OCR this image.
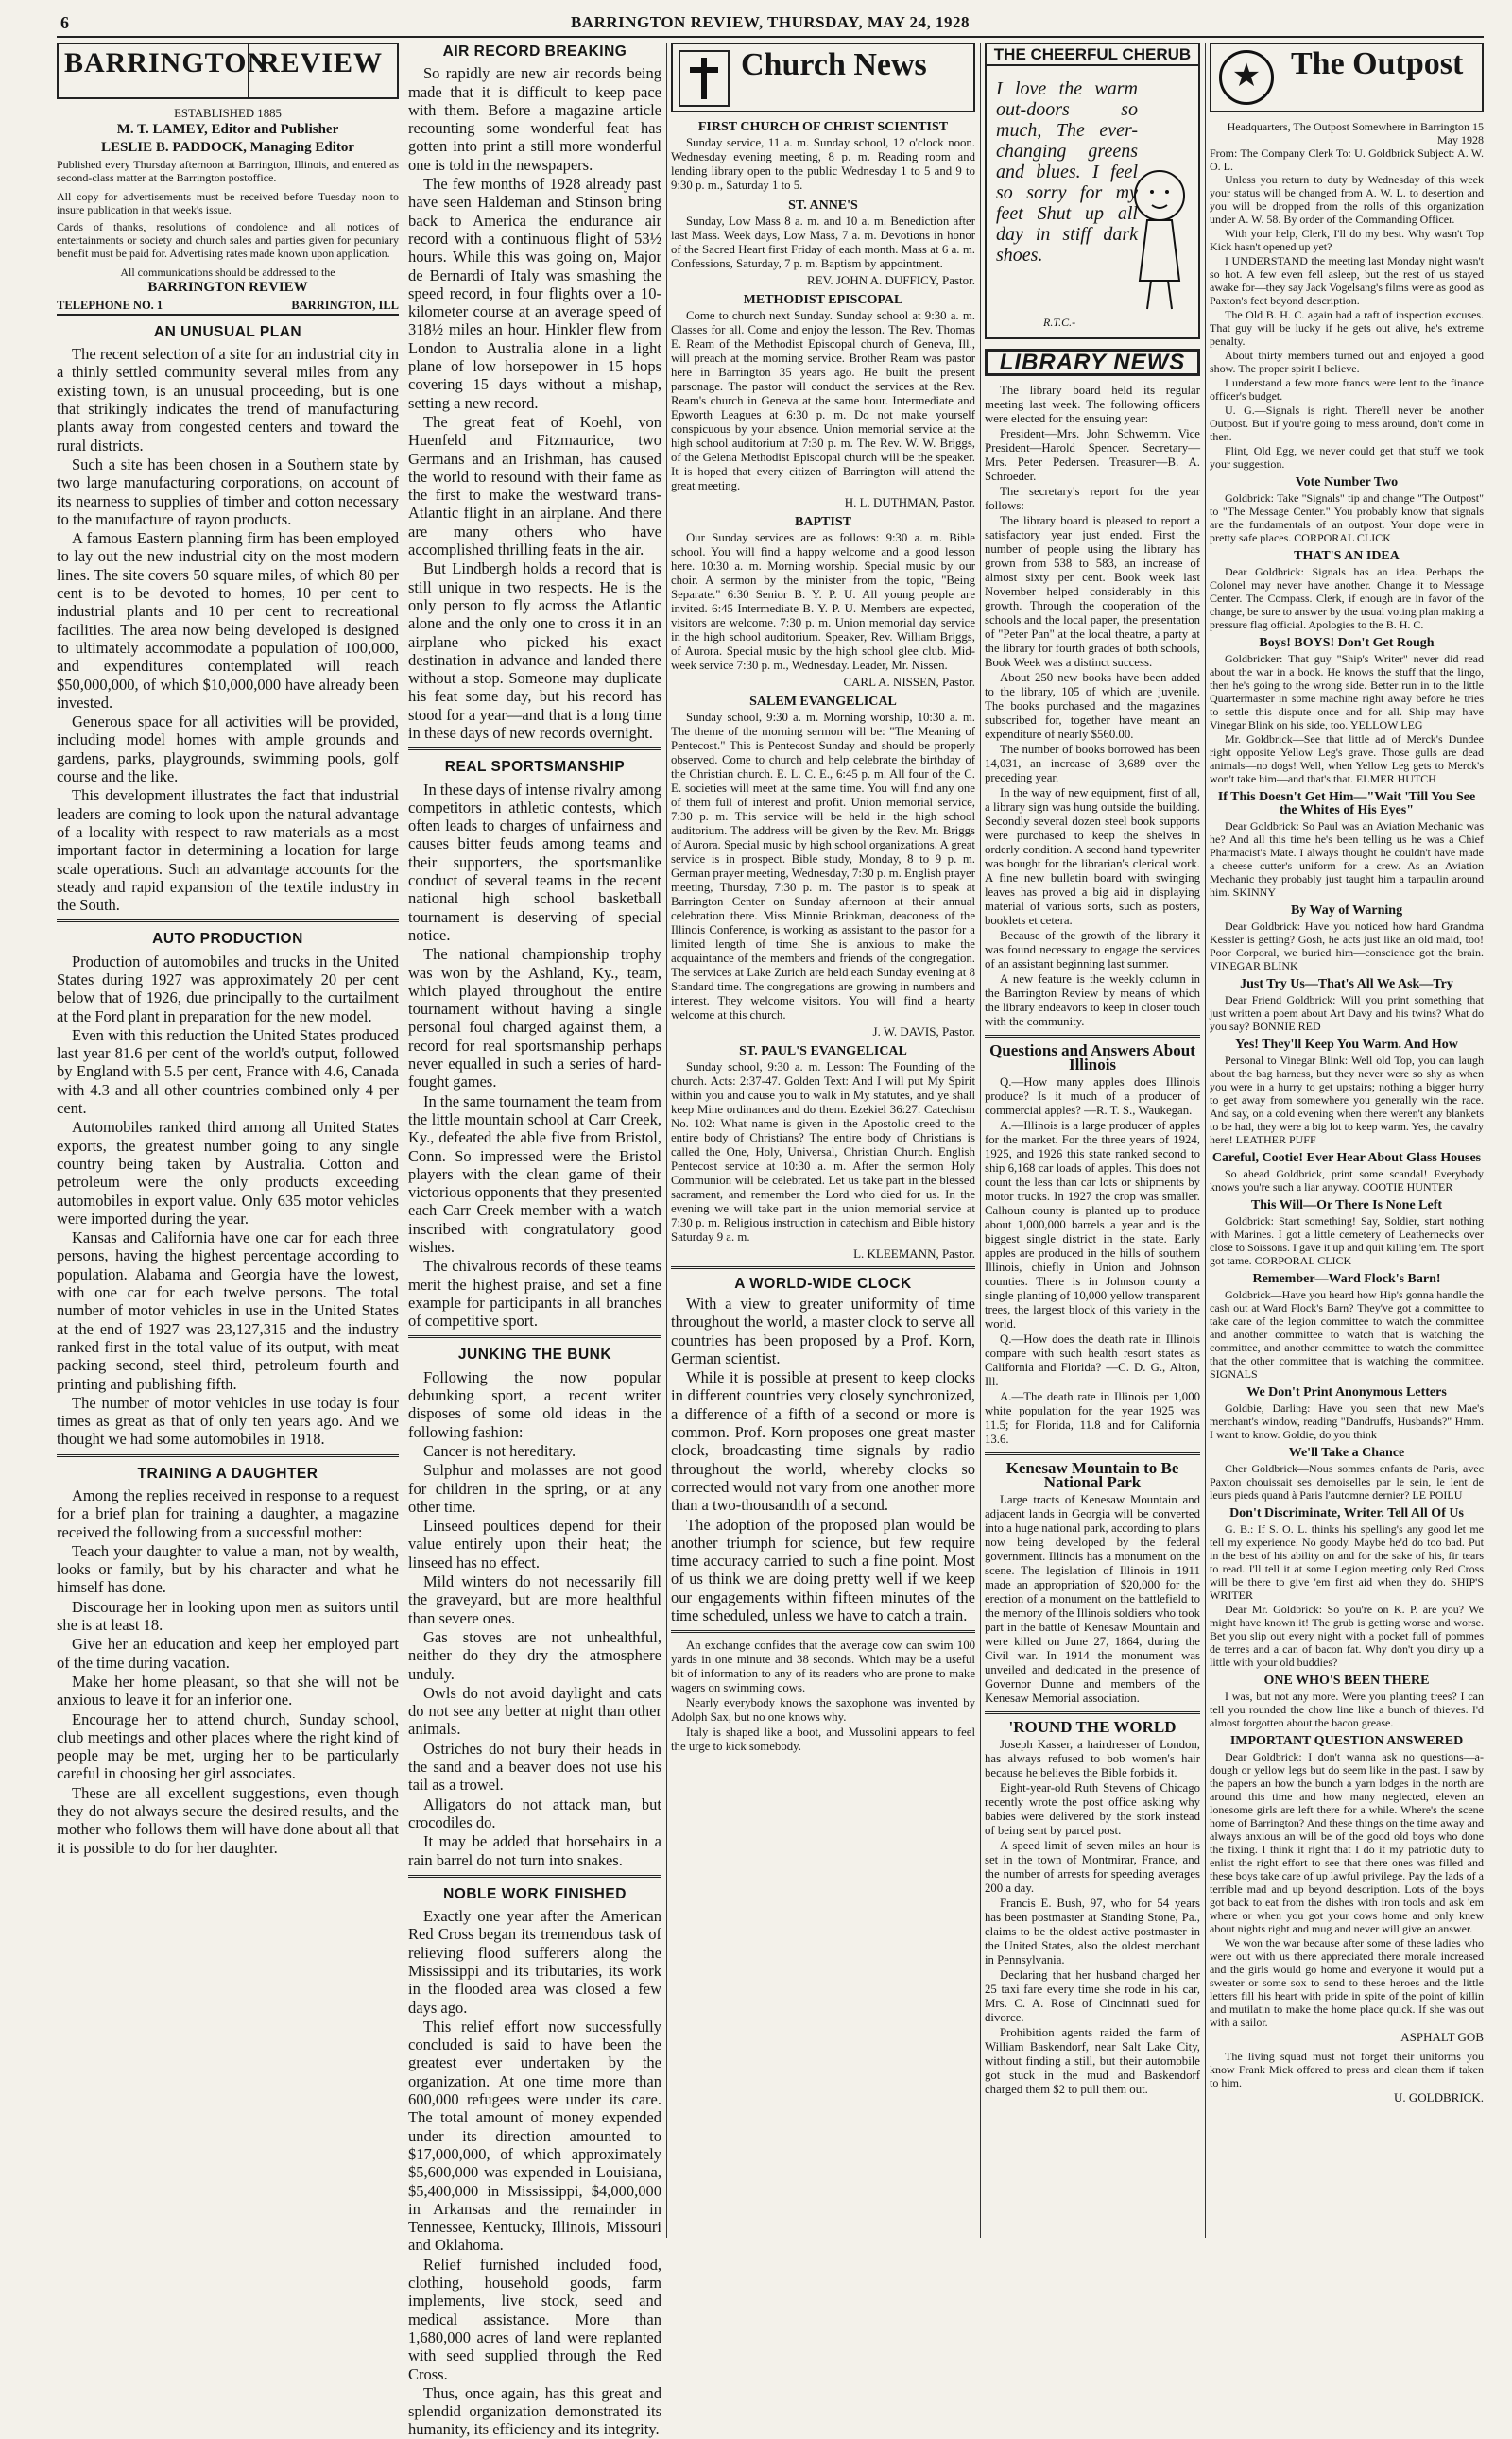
6	BARRINGTON REVIEW, THURSDAY, MAY 24, 1928
BARRINGTON
REVIEW
ESTABLISHED 1885
M. T. LAMEY, Editor and Publisher
LESLIE B. PADDOCK, Managing Editor
Published every Thursday afternoon at Barrington, Illinois, and entered as second-class matter at the Barrington postoffice.
All copy for advertisements must be received before Tuesday noon to insure publication in that week's issue.
Cards of thanks, resolutions of condolence and all notices of entertainments or society and church sales and parties given for pecuniary benefit must be paid for. Advertising rates made known upon application.
All communications should be addressed to the
BARRINGTON REVIEW
TELEPHONE NO. 1	BARRINGTON, ILL
AN UNUSUAL PLAN

The recent selection of a site for an industrial city in a thinly settled community several miles from any existing town, is an unusual proceeding, but is one that strikingly indicates the trend of manufacturing plants away from congested centers and toward the rural districts.

Such a site has been chosen in a Southern state by two large manufacturing corporations, on account of its nearness to supplies of timber and cotton necessary to the manufacture of rayon products.

A famous Eastern planning firm has been employed to lay out the new industrial city on the most modern lines. The site covers 50 square miles, of which 80 per cent is to be devoted to homes, 10 per cent to industrial plants and 10 per cent to recreational facilities. The area now being developed is designed to ultimately accommodate a population of 100,000, and expenditures contemplated will reach $50,000,000, of which $10,000,000 have already been invested.

Generous space for all activities will be provided, including model homes with ample grounds and gardens, parks, playgrounds, swimming pools, golf course and the like.

This development illustrates the fact that industrial leaders are coming to look upon the natural advantage of a locality with respect to raw materials as a most important factor in determining a location for large scale operations. Such an advantage accounts for the steady and rapid expansion of the textile industry in the South.

AUTO PRODUCTION

Production of automobiles and trucks in the United States during 1927 was approximately 20 per cent below that of 1926, due principally to the curtailment at the Ford plant in preparation for the new model.

Even with this reduction the United States produced last year 81.6 per cent of the world's output, followed by England with 5.5 per cent, France with 4.6, Canada with 4.3 and all other countries combined only 4 per cent.

Automobiles ranked third among all United States exports, the greatest number going to any single country being taken by Australia. Cotton and petroleum were the only products exceeding automobiles in export value. Only 635 motor vehicles were imported during the year.

Kansas and California have one car for each three persons, having the highest percentage according to population. Alabama and Georgia have the lowest, with one car for each twelve persons. The total number of motor vehicles in use in the United States at the end of 1927 was 23,127,315 and the industry ranked first in the total value of its output, with meat packing second, steel third, petroleum fourth and printing and publishing fifth.

The number of motor vehicles in use today is four times as great as that of only ten years ago. And we thought we had some automobiles in 1918.

TRAINING A DAUGHTER

Among the replies received in response to a request for a brief plan for training a daughter, a magazine received the following from a successful mother:

Teach your daughter to value a man, not by wealth, looks or family, but by his character and what he himself has done.

Discourage her in looking upon men as suitors until she is at least 18.

Give her an education and keep her employed part of the time during vacation.

Make her home pleasant, so that she will not be anxious to leave it for an inferior one.

Encourage her to attend church, Sunday school, club meetings and other places where the right kind of people may be met, urging her to be particularly careful in choosing her girl associates.

These are all excellent suggestions, even though they do not always secure the desired results, and the mother who follows them will have done about all that it is possible to do for her daughter.

AIR RECORD BREAKING

So rapidly are new air records being made that it is difficult to keep pace with them. Before a magazine article recounting some wonderful feat has gotten into print a still more wonderful one is told in the newspapers.

The few months of 1928 already past have seen Haldeman and Stinson bring back to America the endurance air record with a continuous flight of 53½ hours. While this was going on, Major de Bernardi of Italy was smashing the speed record, in four flights over a 10-kilometer course at an average speed of 318½ miles an hour. Hinkler flew from London to Australia alone in a light plane of low horsepower in 15 hops covering 15 days without a mishap, setting a new record.

The great feat of Koehl, von Huenfeld and Fitzmaurice, two Germans and an Irishman, has caused the world to resound with their fame as the first to make the westward trans-Atlantic flight in an airplane. And there are many others who have accomplished thrilling feats in the air.

But Lindbergh holds a record that is still unique in two respects. He is the only person to fly across the Atlantic alone and the only one to cross it in an airplane who picked his exact destination in advance and landed there without a stop. Someone may duplicate his feat some day, but his record has stood for a year—and that is a long time in these days of new records overnight.

REAL SPORTSMANSHIP

In these days of intense rivalry among competitors in athletic contests, which often leads to charges of unfairness and causes bitter feuds among teams and their supporters, the sportsmanlike conduct of several teams in the recent national high school basketball tournament is deserving of special notice.

The national championship trophy was won by the Ashland, Ky., team, which played throughout the entire tournament without having a single personal foul charged against them, a record for real sportsmanship perhaps never equalled in such a series of hard-fought games.

In the same tournament the team from the little mountain school at Carr Creek, Ky., defeated the able five from Bristol, Conn. So impressed were the Bristol players with the clean game of their victorious opponents that they presented each Carr Creek member with a watch inscribed with congratulatory good wishes.

The chivalrous records of these teams merit the highest praise, and set a fine example for participants in all branches of competitive sport.

JUNKING THE BUNK

Following the now popular debunking sport, a recent writer disposes of some old ideas in the following fashion:

Cancer is not hereditary.

Sulphur and molasses are not good for children in the spring, or at any other time.

Linseed poultices depend for their value entirely upon their heat; the linseed has no effect.

Mild winters do not necessarily fill the graveyard, but are more healthful than severe ones.

Gas stoves are not unhealthful, neither do they dry the atmosphere unduly.

Owls do not avoid daylight and cats do not see any better at night than other animals.

Ostriches do not bury their heads in the sand and a beaver does not use his tail as a trowel.

Alligators do not attack man, but crocodiles do.

It may be added that horsehairs in a rain barrel do not turn into snakes.

NOBLE WORK FINISHED

Exactly one year after the American Red Cross began its tremendous task of relieving flood sufferers along the Mississippi and its tributaries, its work in the flooded area was closed a few days ago.

This relief effort now successfully concluded is said to have been the greatest ever undertaken by the organization. At one time more than 600,000 refugees were under its care. The total amount of money expended under its direction amounted to $17,000,000, of which approximately $5,600,000 was expended in Louisiana, $5,400,000 in Mississippi, $4,000,000 in Arkansas and the remainder in Tennessee, Kentucky, Illinois, Missouri and Oklahoma.

Relief furnished included food, clothing, household goods, farm implements, live stock, seed and medical assistance. More than 1,680,000 acres of land were replanted with seed supplied through the Red Cross.

Thus, once again, has this great and splendid organization demonstrated its humanity, its efficiency and its integrity.

Church News
FIRST CHURCH OF CHRIST SCIENTIST

Sunday service, 11 a. m. Sunday school, 12 o'clock noon. Wednesday evening meeting, 8 p. m. Reading room and lending library open to the public Wednesday 1 to 5 and 9 to 9:30 p. m., Saturday 1 to 5.

ST. ANNE'S

Sunday, Low Mass 8 a. m. and 10 a. m. Benediction after last Mass. Week days, Low Mass, 7 a. m. Devotions in honor of the Sacred Heart first Friday of each month. Mass at 6 a. m. Confessions, Saturday, 7 p. m. Baptism by appointment.

REV. JOHN A. DUFFICY, Pastor.
METHODIST EPISCOPAL

Come to church next Sunday. Sunday school at 9:30 a. m. Classes for all. Come and enjoy the lesson. The Rev. Thomas E. Ream of the Methodist Episcopal church of Geneva, Ill., will preach at the morning service. Brother Ream was pastor here in Barrington 35 years ago. He built the present parsonage. The pastor will conduct the services at the Rev. Ream's church in Geneva at the same hour. Intermediate and Epworth Leagues at 6:30 p. m. Do not make yourself conspicuous by your absence. Union memorial service at the high school auditorium at 7:30 p. m. The Rev. W. W. Briggs, of the Gelena Methodist Episcopal church will be the speaker. It is hoped that every citizen of Barrington will attend the great meeting.

H. L. DUTHMAN, Pastor.
BAPTIST

Our Sunday services are as follows: 9:30 a. m. Bible school. You will find a happy welcome and a good lesson here. 10:30 a. m. Morning worship. Special music by our choir. A sermon by the minister from the topic, "Being Separate." 6:30 Senior B. Y. P. U. All young people are invited. 6:45 Intermediate B. Y. P. U. Members are expected, visitors are welcome. 7:30 p. m. Union memorial day service in the high school auditorium. Speaker, Rev. William Briggs, of Aurora. Special music by the high school glee club. Mid-week service 7:30 p. m., Wednesday. Leader, Mr. Nissen.

CARL A. NISSEN, Pastor.
SALEM EVANGELICAL

Sunday school, 9:30 a. m. Morning worship, 10:30 a. m. The theme of the morning sermon will be: "The Meaning of Pentecost." This is Pentecost Sunday and should be properly observed. Come to church and help celebrate the birthday of the Christian church. E. L. C. E., 6:45 p. m. All four of the C. E. societies will meet at the same time. You will find any one of them full of interest and profit. Union memorial service, 7:30 p. m. This service will be held in the high school auditorium. The address will be given by the Rev. Mr. Briggs of Aurora. Special music by high school organizations. A great service is in prospect. Bible study, Monday, 8 to 9 p. m. German prayer meeting, Wednesday, 7:30 p. m. English prayer meeting, Thursday, 7:30 p. m. The pastor is to speak at Barrington Center on Sunday afternoon at their annual celebration there. Miss Minnie Brinkman, deaconess of the Illinois Conference, is working as assistant to the pastor for a limited length of time. She is anxious to make the acquaintance of the members and friends of the congregation. The services at Lake Zurich are held each Sunday evening at 8 Standard time. The congregations are growing in numbers and interest. They welcome visitors. You will find a hearty welcome at this church.

J. W. DAVIS, Pastor.
ST. PAUL'S EVANGELICAL

Sunday school, 9:30 a. m. Lesson: The Founding of the church. Acts: 2:37-47. Golden Text: And I will put My Spirit within you and cause you to walk in My statutes, and ye shall keep Mine ordinances and do them. Ezekiel 36:27. Catechism No. 102: What name is given in the Apostolic creed to the entire body of Christians? The entire body of Christians is called the One, Holy, Universal, Christian Church. English Pentecost service at 10:30 a. m. After the sermon Holy Communion will be celebrated. Let us take part in the blessed sacrament, and remember the Lord who died for us. In the evening we will take part in the union memorial service at 7:30 p. m. Religious instruction in catechism and Bible history Saturday 9 a. m.

L. KLEEMANN, Pastor.
A WORLD-WIDE CLOCK

With a view to greater uniformity of time throughout the world, a master clock to serve all countries has been proposed by a Prof. Korn, German scientist.

While it is possible at present to keep clocks in different countries very closely synchronized, a difference of a fifth of a second or more is common. Prof. Korn proposes one great master clock, broadcasting time signals by radio throughout the world, whereby clocks so corrected would not vary from one another more than a two-thousandth of a second.

The adoption of the proposed plan would be another triumph for science, but few require time accuracy carried to such a fine point. Most of us think we are doing pretty well if we keep our engagements within fifteen minutes of the time scheduled, unless we have to catch a train.

An exchange confides that the average cow can swim 100 yards in one minute and 38 seconds. Which may be a useful bit of information to any of its readers who are prone to make wagers on swimming cows.

Nearly everybody knows the saxophone was invented by Adolph Sax, but no one knows why.

Italy is shaped like a boot, and Mussolini appears to feel the urge to kick somebody.

THE CHEERFUL CHERUB
I love the warm out-doors so much, The ever-changing greens and blues. I feel so sorry for my feet Shut up all day in stiff dark shoes.
R.T.C.-
LIBRARY NEWS

The library board held its regular meeting last week. The following officers were elected for the ensuing year:

President—Mrs. John Schwemm. Vice President—Harold Spencer. Secretary—Mrs. Peter Pedersen. Treasurer—B. A. Schroeder.

The secretary's report for the year follows:

The library board is pleased to report a satisfactory year just ended. First the number of people using the library has grown from 538 to 583, an increase of almost sixty per cent. Book week last November helped considerably in this growth. Through the cooperation of the schools and the local paper, the presentation of "Peter Pan" at the local theatre, a party at the library for fourth grades of both schools, Book Week was a distinct success.

About 250 new books have been added to the library, 105 of which are juvenile. The books purchased and the magazines subscribed for, together have meant an expenditure of nearly $560.00.

The number of books borrowed has been 14,031, an increase of 3,689 over the preceding year.

In the way of new equipment, first of all, a library sign was hung outside the building. Secondly several dozen steel book supports were purchased to keep the shelves in orderly condition. A second hand typewriter was bought for the librarian's clerical work. A fine new bulletin board with swinging leaves has proved a big aid in displaying material of various sorts, such as posters, booklets et cetera.

Because of the growth of the library it was found necessary to engage the services of an assistant beginning last summer.

A new feature is the weekly column in the Barrington Review by means of which the library endeavors to keep in closer touch with the community.

Questions and Answers About Illinois

Q.—How many apples does Illinois produce? Is it much of a producer of commercial apples? —R. T. S., Waukegan.

A.—Illinois is a large producer of apples for the market. For the three years of 1924, 1925, and 1926 this state ranked second to ship 6,168 car loads of apples. This does not count the less than car lots or shipments by motor trucks. In 1927 the crop was smaller. Calhoun county is planted up to produce about 1,000,000 barrels a year and is the biggest single district in the state. Early apples are produced in the hills of southern Illinois, chiefly in Union and Johnson counties. There is in Johnson county a single planting of 10,000 yellow transparent trees, the largest block of this variety in the world.

Q.—How does the death rate in Illinois compare with such health resort states as California and Florida? —C. D. G., Alton, Ill.

A.—The death rate in Illinois per 1,000 white population for the year 1925 was 11.5; for Florida, 11.8 and for California 13.6.

Kenesaw Mountain to Be National Park

Large tracts of Kenesaw Mountain and adjacent lands in Georgia will be converted into a huge national park, according to plans now being developed by the federal government. Illinois has a monument on the scene. The legislation of Illinois in 1911 made an appropriation of $20,000 for the erection of a monument on the battlefield to the memory of the Illinois soldiers who took part in the battle of Kenesaw Mountain and were killed on June 27, 1864, during the Civil war. In 1914 the monument was unveiled and dedicated in the presence of Governor Dunne and members of the Kenesaw Memorial association.

'ROUND THE WORLD

Joseph Kasser, a hairdresser of London, has always refused to bob women's hair because he believes the Bible forbids it.

Eight-year-old Ruth Stevens of Chicago recently wrote the post office asking why babies were delivered by the stork instead of being sent by parcel post.

A speed limit of seven miles an hour is set in the town of Montmirar, France, and the number of arrests for speeding averages 200 a day.

Francis E. Bush, 97, who for 54 years has been postmaster at Standing Stone, Pa., claims to be the oldest active postmaster in the United States, also the oldest merchant in Pennsylvania.

Declaring that her husband charged her 25 taxi fare every time she rode in his car, Mrs. C. A. Rose of Cincinnati sued for divorce.

Prohibition agents raided the farm of William Baskendorf, near Salt Lake City, without finding a still, but their automobile got stuck in the mud and Baskendorf charged them $2 to pull them out.

★ The Outpost
Headquarters, The Outpost Somewhere in Barrington 15 May 1928
From: The Company Clerk To: U. Goldbrick Subject: A. W. O. L.

Unless you return to duty by Wednesday of this week your status will be changed from A. W. L. to desertion and you will be dropped from the rolls of this organization under A. W. 58. By order of the Commanding Officer.

With your help, Clerk, I'll do my best. Why wasn't Top Kick hasn't opened up yet?

I UNDERSTAND the meeting last Monday night wasn't so hot. A few even fell asleep, but the rest of us stayed awake for—they say Jack Vogelsang's films were as good as Paxton's feet beyond description.

The Old B. H. C. again had a raft of inspection excuses. That guy will be lucky if he gets out alive, he's extreme penalty.

About thirty members turned out and enjoyed a good show. The proper spirit I believe.

I understand a few more francs were lent to the finance officer's budget.

U. G.—Signals is right. There'll never be another Outpost. But if you're going to mess around, don't come in then.

Flint, Old Egg, we never could get that stuff we took your suggestion.

Vote Number Two

Goldbrick: Take "Signals" tip and change "The Outpost" to "The Message Center." You probably know that signals are the fundamentals of an outpost. Your dope were in pretty safe places. CORPORAL CLICK

THAT'S AN IDEA

Dear Goldbrick: Signals has an idea. Perhaps the Colonel may never have another. Change it to Message Center. The Compass. Clerk, if enough are in favor of the change, be sure to answer by the usual voting plan making a pressure flag official. Apologies to the B. H. C.

Boys! BOYS! Don't Get Rough

Goldbricker: That guy "Ship's Writer" never did read about the war in a book. He knows the stuff that the lingo, then he's going to the wrong side. Better run in to the little Quartermaster in some machine right away before he tries to settle this dispute once and for all. Ship may have Vinegar Blink on his side, too. YELLOW LEG

Mr. Goldbrick—See that little ad of Merck's Dundee right opposite Yellow Leg's grave. Those gulls are dead animals—no dogs! Well, when Yellow Leg gets to Merck's won't take him—and that's that. ELMER HUTCH

If This Doesn't Get Him—"Wait 'Till You See the Whites of His Eyes"

Dear Goldbrick: So Paul was an Aviation Mechanic was he? And all this time he's been telling us he was a Chief Pharmacist's Mate. I always thought he couldn't have made a cheese cutter's uniform for a crew. As an Aviation Mechanic they probably just taught him a tarpaulin around him. SKINNY

By Way of Warning

Dear Goldbrick: Have you noticed how hard Grandma Kessler is getting? Gosh, he acts just like an old maid, too! Poor Corporal, we buried him—conscience got the brain. VINEGAR BLINK

Just Try Us—That's All We Ask—Try

Dear Friend Goldbrick: Will you print something that just written a poem about Art Davy and his twins? What do you say? BONNIE RED

Yes! They'll Keep You Warm. And How

Personal to Vinegar Blink: Well old Top, you can laugh about the bag harness, but they never were so shy as when you were in a hurry to get upstairs; nothing a bigger hurry to get away from somewhere you generally win the race. And say, on a cold evening when there weren't any blankets to be had, they were a big lot to keep warm. Yes, the cavalry here! LEATHER PUFF

Careful, Cootie! Ever Hear About Glass Houses

So ahead Goldbrick, print some scandal! Everybody knows you're such a liar anyway. COOTIE HUNTER

This Will—Or There Is None Left

Goldbrick: Start something! Say, Soldier, start nothing with Marines. I got a little cemetery of Leathernecks over close to Soissons. I gave it up and quit killing 'em. The sport got tame. CORPORAL CLICK

Remember—Ward Flock's Barn!

Goldbrick—Have you heard how Hip's gonna handle the cash out at Ward Flock's Barn? They've got a committee to take care of the legion committee to watch the committee and another committee to watch that is watching the committee, and another committee to watch the committee that the other committee that is watching the committee. SIGNALS

We Don't Print Anonymous Letters

Goldbie, Darling: Have you seen that new Mae's merchant's window, reading "Dandruffs, Husbands?" Hmm. I want to know. Goldie, do you think

We'll Take a Chance

Cher Goldbrick—Nous sommes enfants de Paris, avec Paxton chouissait ses demoiselles par le sein, le lent de leurs pieds quand à Paris l'automne dernier? LE POILU

Don't Discriminate, Writer. Tell All Of Us

G. B.: If S. O. L. thinks his spelling's any good let me tell my experience. No goody. Maybe he'd do too bad. Put in the best of his ability on and for the sake of his, fir tears to read. I'll tell it at some Legion meeting only Red Cross will be there to give 'em first aid when they do. SHIP'S WRITER

Dear Mr. Goldbrick: So you're on K. P. are you? We might have known it! The grub is getting worse and worse. Bet you slip out every night with a pocket full of pommes de terres and a can of bacon fat. Why don't you dirty up a little with your old buddies?

ONE WHO'S BEEN THERE

I was, but not any more. Were you planting trees? I can tell you rounded the chow line like a bunch of thieves. I'd almost forgotten about the bacon grease.

IMPORTANT QUESTION ANSWERED

Dear Goldbrick: I don't wanna ask no questions—a-dough or yellow legs but do seem like in the past. I saw by the papers an how the bunch a yarn lodges in the north are around this time and how many neglected, eleven an lonesome girls are left there for a while. Where's the scene home of Barrington? And these things on the time away and always anxious an will be of the good old boys who done the fixing. I think it right that I do it my patriotic duty to enlist the right effort to see that there ones was filled and these boys take care of up lawful privilege. Pay the lads of a terrible mad and up beyond description. Lots of the boys got back to eat from the dishes with iron tools and ask 'em where or when you got your cows home and only knew about nights right and mug and never will give an answer.

We won the war because after some of these ladies who were out with us there appreciated there morale increased and the girls would go home and everyone it would put a sweater or some sox to send to these heroes and the little letters fill his heart with pride in spite of the point of killin and mutilatin to make the home place quick. If she was out with a sailor.

ASPHALT GOB

The living squad must not forget their uniforms you know Frank Mick offered to press and clean them if taken to him.

U. GOLDBRICK.
